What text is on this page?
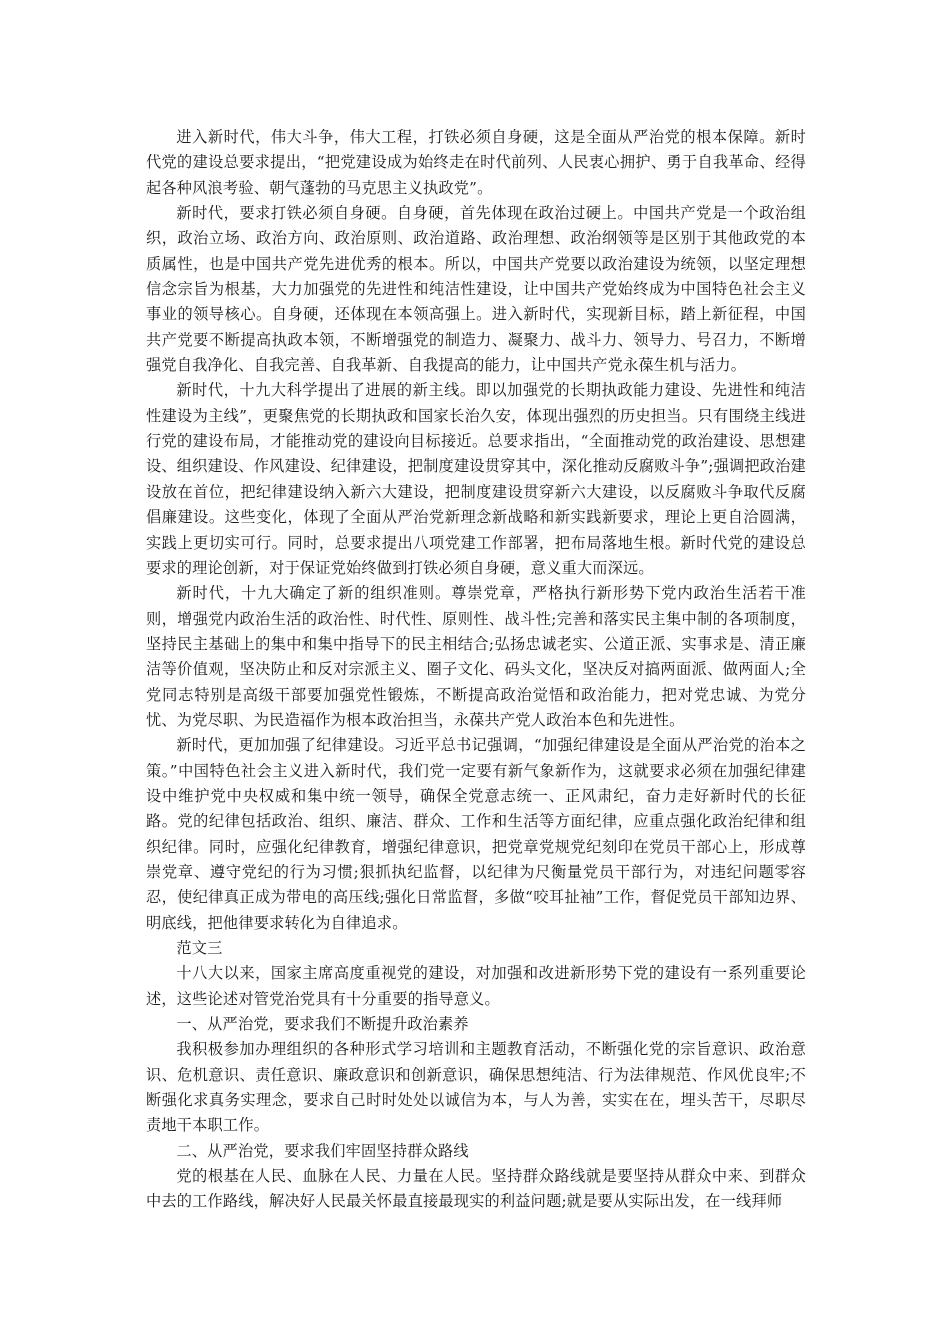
进入新时代，伟大斗争，伟大工程，打铁必须自身硬，这是全面从严治党的根本保障。新时代党的建设总要求提出，“把党建设成为始终走在时代前列、人民衷心拥护、勇于自我革命、经得起各种风浪考验、朝气蓬勃的马克思主义执政党”。

新时代，要求打铁必须自身硬。自身硬，首先体现在政治过硬上。中国共产党是一个政治组织，政治立场、政治方向、政治原则、政治道路、政治理想、政治纲领等是区别于其他政党的本质属性，也是中国共产党先进优秀的根本。所以，中国共产党要以政治建设为统领，以坚定理想信念宗旨为根基，大力加强党的先进性和纯洁性建设，让中国共产党始终成为中国特色社会主义事业的领导核心。自身硬，还体现在本领高强上。进入新时代，实现新目标，踏上新征程，中国共产党要不断提高执政本领，不断增强党的制造力、凝聚力、战斗力、领导力、号召力，不断增强党自我净化、自我完善、自我革新、自我提高的能力，让中国共产党永葆生机与活力。

新时代，十九大科学提出了进展的新主线。即以加强党的长期执政能力建设、先进性和纯洁性建设为主线”，更聚焦党的长期执政和国家长治久安，体现出强烈的历史担当。只有围绕主线进行党的建设布局，才能推动党的建设向目标接近。总要求指出，“全面推动党的政治建设、思想建设、组织建设、作风建设、纪律建设，把制度建设贯穿其中，深化推动反腐败斗争”;强调把政治建设放在首位，把纪律建设纳入新六大建设，把制度建设贯穿新六大建设，以反腐败斗争取代反腐倡廉建设。这些变化，体现了全面从严治党新理念新战略和新实践新要求，理论上更自洽圆满，实践上更切实可行。同时，总要求提出八项党建工作部署，把布局落地生根。新时代党的建设总要求的理论创新，对于保证党始终做到打铁必须自身硬，意义重大而深远。

新时代，十九大确定了新的组织准则。尊崇党章，严格执行新形势下党内政治生活若干准则，增强党内政治生活的政治性、时代性、原则性、战斗性;完善和落实民主集中制的各项制度，坚持民主基础上的集中和集中指导下的民主相结合;弘扬忠诚老实、公道正派、实事求是、清正廉洁等价值观，坚决防止和反对宗派主义、圈子文化、码头文化，坚决反对搞两面派、做两面人;全党同志特别是高级干部要加强党性锻炼，不断提高政治觉悟和政治能力，把对党忠诚、为党分忧、为党尽职、为民造福作为根本政治担当，永葆共产党人政治本色和先进性。

新时代，更加加强了纪律建设。习近平总书记强调，“加强纪律建设是全面从严治党的治本之策。”中国特色社会主义进入新时代，我们党一定要有新气象新作为，这就要求必须在加强纪律建设中维护党中央权威和集中统一领导，确保全党意志统一、正风肃纪，奋力走好新时代的长征路。党的纪律包括政治、组织、廉洁、群众、工作和生活等方面纪律，应重点强化政治纪律和组织纪律。同时，应强化纪律教育，增强纪律意识，把党章党规党纪刻印在党员干部心上，形成尊崇党章、遵守党纪的行为习惯;狠抓执纪监督，以纪律为尺衡量党员干部行为，对违纪问题零容忍，使纪律真正成为带电的高压线;强化日常监督，多做“咬耳扯袖”工作，督促党员干部知边界、明底线，把他律要求转化为自律追求。

范文三

十八大以来，国家主席高度重视党的建设，对加强和改进新形势下党的建设有一系列重要论述，这些论述对管党治党具有十分重要的指导意义。

一、从严治党，要求我们不断提升政治素养

我积极参加办理组织的各种形式学习培训和主题教育活动，不断强化党的宗旨意识、政治意识、危机意识、责任意识、廉政意识和创新意识，确保思想纯洁、行为法律规范、作风优良牢;不断强化求真务实理念，要求自己时时处处以诚信为本，与人为善，实实在在，埋头苦干，尽职尽责地干本职工作。

二、从严治党，要求我们牢固坚持群众路线

党的根基在人民、血脉在人民、力量在人民。坚持群众路线就是要坚持从群众中来、到群众中去的工作路线，解决好人民最关怀最直接最现实的利益问题;就是要从实际出发，在一线拜师
